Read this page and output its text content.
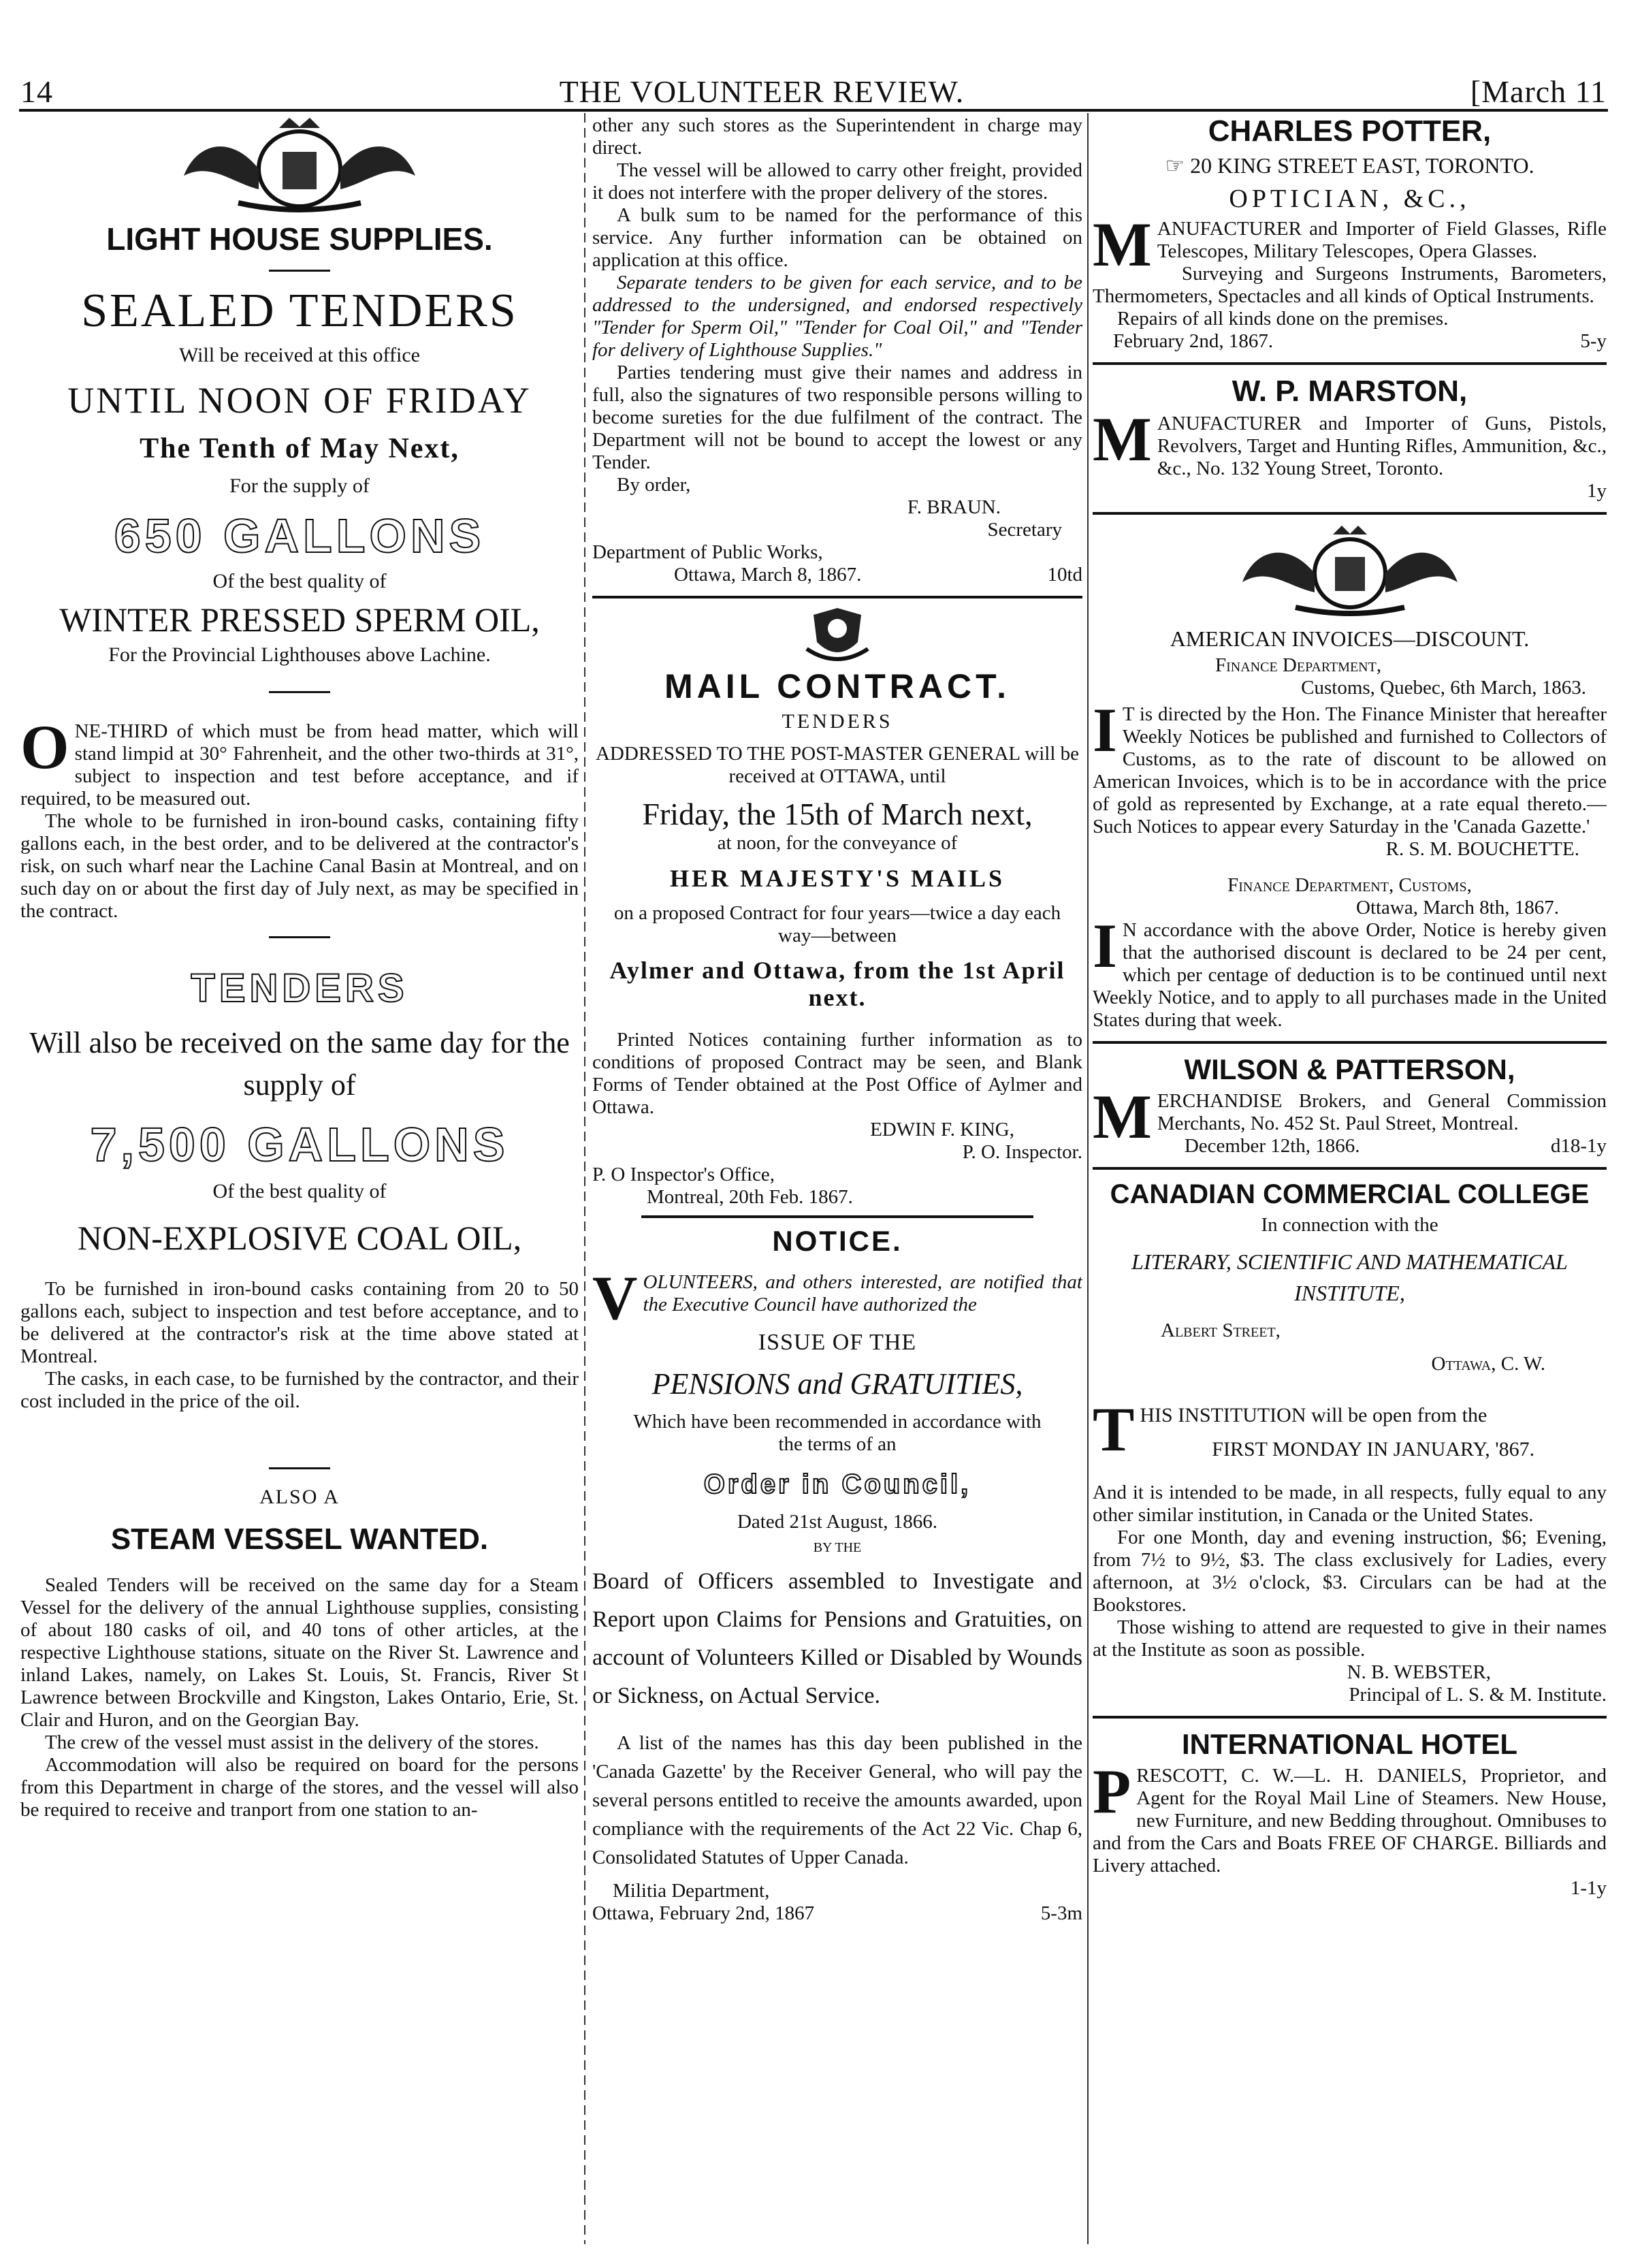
14	THE VOLUNTEER REVIEW.	[March 11
LIGHT HOUSE SUPPLIES.
SEALED TENDERS
Will be received at this office
UNTIL NOON OF FRIDAY
The Tenth of May Next,
For the supply of
650 GALLONS
Of the best quality of
WINTER PRESSED SPERM OIL,
For the Provincial Lighthouses above Lachine.
ONE-THIRD of which must be from head matter, which will stand limpid at 30° Fahrenheit, and the other two-thirds at 31°, subject to inspection and test before acceptance, and if required, to be measured out.
The whole to be furnished in iron-bound casks, containing fifty gallons each, in the best order, and to be delivered at the contractor's risk, on such wharf near the Lachine Canal Basin at Montreal, and on such day on or about the first day of July next, as may be specified in the contract.
TENDERS
Will also be received on the same day for the supply of
7,500 GALLONS
Of the best quality of
NON-EXPLOSIVE COAL OIL,
To be furnished in iron-bound casks containing from 20 to 50 gallons each, subject to inspection and test before acceptance, and to be delivered at the contractor's risk at the time above stated at Montreal.
The casks, in each case, to be furnished by the contractor, and their cost included in the price of the oil.
ALSO A
STEAM VESSEL WANTED.
Sealed Tenders will be received on the same day for a Steam Vessel for the delivery of the annual Lighthouse supplies, consisting of about 180 casks of oil, and 40 tons of other articles, at the respective Lighthouse stations, situate on the River St. Lawrence and inland Lakes, namely, on Lakes St. Louis, St. Francis, River St Lawrence between Brockville and Kingston, Lakes Ontario, Erie, St. Clair and Huron, and on the Georgian Bay.
The crew of the vessel must assist in the delivery of the stores.
Accommodation will also be required on board for the persons from this Department in charge of the stores, and the vessel will also be required to receive and tranport from one station to an-
other any such stores as the Superintendent in charge may direct.
The vessel will be allowed to carry other freight, provided it does not interfere with the proper delivery of the stores.
A bulk sum to be named for the performance of this service. Any further information can be obtained on application at this office.
Separate tenders to be given for each service, and to be addressed to the undersigned, and endorsed respectively "Tender for Sperm Oil," "Tender for Coal Oil," and "Tender for delivery of Lighthouse Supplies."
Parties tendering must give their names and address in full, also the signatures of two responsible persons willing to become sureties for the due fulfilment of the contract. The Department will not be bound to accept the lowest or any Tender.
By order,
F. BRAUN.
Secretary
Department of Public Works,
Ottawa, March 8, 1867.	10td
MAIL CONTRACT.
TENDERS
ADDRESSED TO THE POST-MASTER GENERAL will be received at OTTAWA, until
Friday, the 15th of March next,
at noon, for the conveyance of
HER MAJESTY'S MAILS
on a proposed Contract for four years—twice a day each way—between
Aylmer and Ottawa, from the 1st April next.
Printed Notices containing further information as to conditions of proposed Contract may be seen, and Blank Forms of Tender obtained at the Post Office of Aylmer and Ottawa.
EDWIN F. KING,
P. O. Inspector.
P. O Inspector's Office,
Montreal, 20th Feb. 1867.
NOTICE.
VOLUNTEERS, and others interested, are notified that the Executive Council have authorized the
ISSUE OF THE
PENSIONS and GRATUITIES,
Which have been recommended in accordance with the terms of an
Order in Council,
Dated 21st August, 1866.
BY THE
Board of Officers assembled to Investigate and Report upon Claims for Pensions and Gratuities, on account of Volunteers Killed or Disabled by Wounds or Sickness, on Actual Service.
A list of the names has this day been published in the 'Canada Gazette' by the Receiver General, who will pay the several persons entitled to receive the amounts awarded, upon compliance with the requirements of the Act 22 Vic. Chap 6, Consolidated Statutes of Upper Canada.
Militia Department,
Ottawa, February 2nd, 1867	5-3m
CHARLES POTTER,
☞ 20 KING STREET EAST, TORONTO.
OPTICIAN, &C.,
MANUFACTURER and Importer of Field Glasses, Rifle Telescopes, Military Telescopes, Opera Glasses.
Surveying and Surgeons Instruments, Barometers, Thermometers, Spectacles and all kinds of Optical Instruments.
Repairs of all kinds done on the premises.
February 2nd, 1867.	5-y
W. P. MARSTON,
MANUFACTURER and Importer of Guns, Pistols, Revolvers, Target and Hunting Rifles, Ammunition, &c., &c., No. 132 Young Street, Toronto.
1y
AMERICAN INVOICES—DISCOUNT.
Finance Department,
Customs, Quebec, 6th March, 1863.
I T is directed by the Hon. The Finance Minister that hereafter Weekly Notices be published and furnished to Collectors of Customs, as to the rate of discount to be allowed on American Invoices, which is to be in accordance with the price of gold as represented by Exchange, at a rate equal thereto.—Such Notices to appear every Saturday in the 'Canada Gazette.'
R. S. M. BOUCHETTE.
Finance Department, Customs,
Ottawa, March 8th, 1867.
I N accordance with the above Order, Notice is hereby given that the authorised discount is declared to be 24 per cent, which per centage of deduction is to be continued until next Weekly Notice, and to apply to all purchases made in the United States during that week.
WILSON & PATTERSON,
MERCHANDISE Brokers, and General Commission Merchants, No. 452 St. Paul Street, Montreal.
December 12th, 1866.	d18-1y
CANADIAN COMMERCIAL COLLEGE
In connection with the
LITERARY, SCIENTIFIC AND MATHEMATICAL INSTITUTE,
Albert Street,
Ottawa, C. W.
THIS INSTITUTION will be open from the
FIRST MONDAY IN JANUARY, '867.
And it is intended to be made, in all respects, fully equal to any other similar institution, in Canada or the United States.
For one Month, day and evening instruction, $6; Evening, from 7½ to 9½, $3. The class exclusively for Ladies, every afternoon, at 3½ o'clock, $3. Circulars can be had at the Bookstores.
Those wishing to attend are requested to give in their names at the Institute as soon as possible.
N. B. WEBSTER,
Principal of L. S. & M. Institute.
INTERNATIONAL HOTEL
PRESCOTT, C. W.—L. H. DANIELS, Proprietor, and Agent for the Royal Mail Line of Steamers. New House, new Furniture, and new Bedding throughout. Omnibuses to and from the Cars and Boats FREE OF CHARGE. Billiards and Livery attached.
1-1y
